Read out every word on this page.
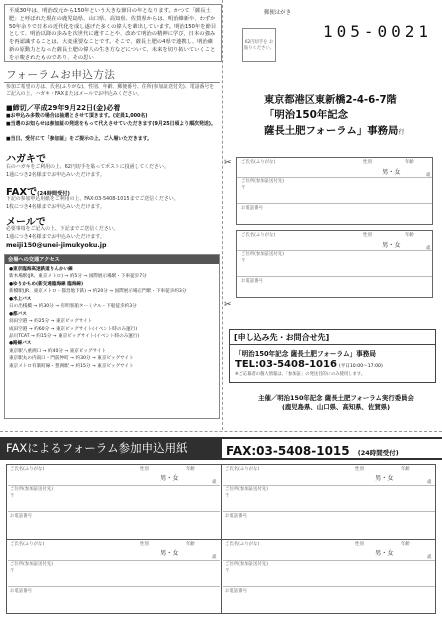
平成30年は、明治改元から150年という大きな節目の年となります。かつて「薩長土肥」と呼ばれた現在の鹿児島県、山口県、高知県、佐賀県からは、明治維新や、わずか50年余りで日本の近代化を成し遂げた多くの偉人を輩出しています。明治150年を節目として、明治以降の歩みを次世代に遺すことや、改めて明治の精神に学び、日本の強みを再認識することは、大変重要なことです。そこで、薩長土肥の4県で連携し、明治維新の原動力となった薩長土肥の偉人の生き方などについて、未来を切り拓いていくことを示唆されたものであり、その思い
フォーラムお申込方法
参加ご希望の方は、氏名(ふりがな)、性別、年齢、郵便番号、住所(参加証送付先)、電話番号をご記入の上、ハガキ・FAXまたはメールでお申込みください。
■締切／平成29年9月22日(金)必着
■お申込み多数の場合は抽選とさせて頂きます。(定員1,000名)
■当選のお知らせは参加証の発送をもって代えさせていただきます(9月25日頃より順次発送)。
■当日、受付にて「参加証」をご提示の上、ご入場いただきます。
ハガキで
右のハガキをご利用の上、62円切手を貼ってポストに投函してください。
1通につき2名様までお申込みいただけます。
FAXで(24時間受付)
下記の参加申込用紙をご利用の上、FAX:03-5408-1015までご送信ください。
1枚につき4名様までお申込みいただけます。
メールで
必要事項をご記入の上、下記までご送信ください。
1通につき4名様までお申込みいただけます。
meiji150@unei-jimukyoku.jp
会場への交通アクセス
●東京臨海高速鉄道りんかい線
新木場駅(JR、東京メトロ) → 約5分 → 国際展示場駅・下車徒歩7分
●ゆりかもめ(新交通臨海線 臨海線)
新橋駅(JR、東京メトロ・都営地下鉄) → 約20分 → 国際展示場正門駅・下車徒歩約3分
●水上バス
日の出桟橋 → 約30分 → 有明客船ターミナル・下船徒歩約3分
●都バス
羽田空港 → 約25分 → 東京ビッグサイト
成田空港 → 約60分 → 東京ビッグサイト(イベント時のみ運行)
品川TCAT → 約15分 → 東京ビッグサイト(イベント時のみ運行)
●路線バス
東京駅八重洲口 → 約40分 → 東京ビッグサイト
東京駅丸の内南口・門前仲町 → 約30分 → 東京ビッグサイト
東京メトロ有楽町線・豊洲駅 → 約15分 → 東京ビッグサイト
✂
✂
郵便はがき
62円切手を お貼りください。
105-0021
東京都港区東新橋2-4-6-7階
「明治150年記念
薩長土肥フォーラム」事務局行
ご氏名(ふりがな)	性別	年齢
男・女	歳
ご住所(参加証送付先)
〒
お電話番号
ご氏名(ふりがな)	性別	年齢
男・女	歳
ご住所(参加証送付先)
〒
お電話番号
[申し込み先・お問合せ先]
「明治150年記念 薩長土肥フォーラム」事務局
TEL:03-5408-1016 (平日10:00〜17:00)
※ご応募者の個人情報は、「参加証」の発送目的にのみ使用します。
主催／明治150年記念 薩長土肥フォーラム実行委員会
(鹿児島県、山口県、高知県、佐賀県)
FAXによるフォーラム参加申込用紙	FAX:03-5408-1015 (24時間受付)
ご氏名(ふりがな)	性別	年齢
男・女
歳
ご住所(参加証送付先)
〒
お電話番号
ご氏名(ふりがな)	性別	年齢
男・女
歳
ご住所(参加証送付先)
〒
お電話番号
ご氏名(ふりがな)	性別	年齢
男・女
歳
ご住所(参加証送付先)
〒
お電話番号
ご氏名(ふりがな)	性別	年齢
男・女
歳
ご住所(参加証送付先)
〒
お電話番号
